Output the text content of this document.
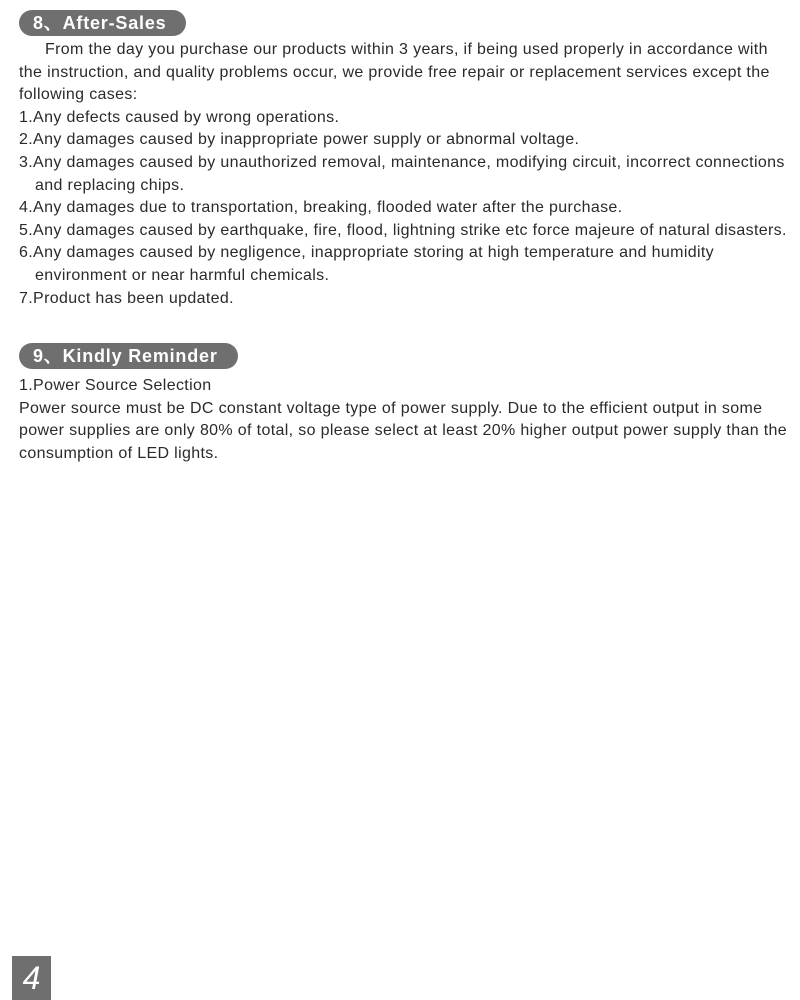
8、After-Sales

From the day you purchase our products within 3 years, if being used properly in accordance with the instruction, and quality problems occur, we provide free repair or replacement services except the following cases:

1.Any defects caused by wrong operations.
2.Any damages caused by inappropriate power supply or abnormal voltage.
3.Any damages caused by unauthorized removal, maintenance, modifying circuit, incorrect connections and replacing chips.
4.Any damages due to transportation, breaking, flooded water after the purchase.
5.Any damages caused by earthquake, fire, flood, lightning strike etc force majeure of natural disasters.
6.Any damages caused by negligence, inappropriate storing at high temperature and humidity environment or near harmful chemicals.
7.Product has been updated.
9、Kindly Reminder

1.Power Source Selection

Power source must be DC constant voltage type of power supply. Due to the efficient output in some power supplies are only 80% of total, so please select at least 20% higher output power supply than the consumption of LED lights.

4
